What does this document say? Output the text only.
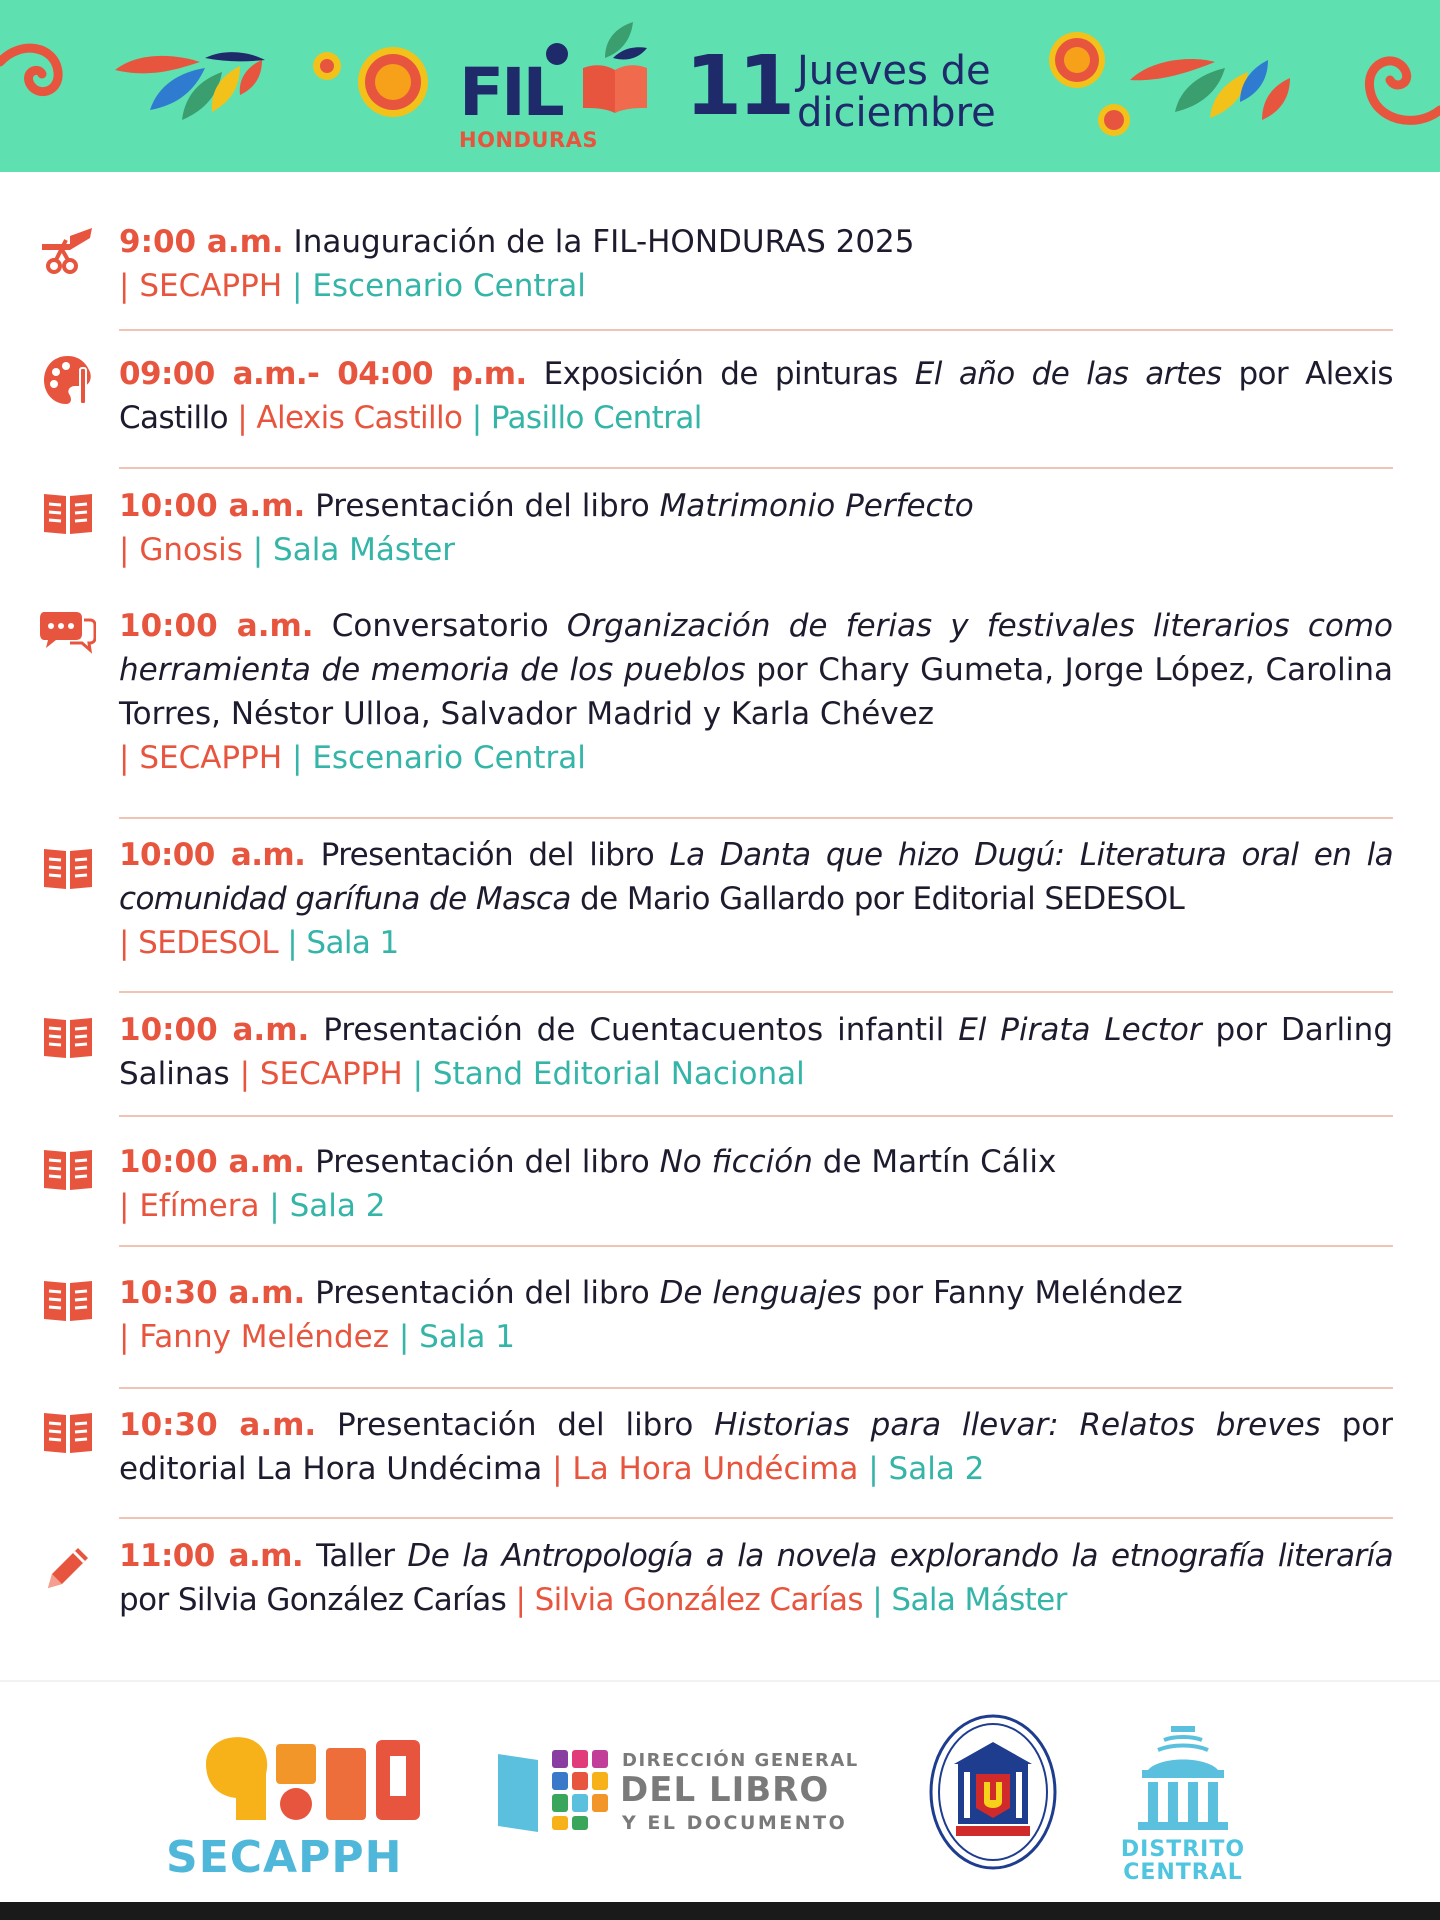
FIL
HONDURAS
11 Jueves de diciembre
9:00 a.m. Inauguración de la FIL-HONDURAS 2025
| SECAPPH | Escenario Central
09:00 a.m.- 04:00 p.m. Exposición de pinturas El año de las artes por Alexis Castillo | Alexis Castillo | Pasillo Central
10:00 a.m. Presentación del libro Matrimonio Perfecto
| Gnosis | Sala Máster
10:00 a.m. Conversatorio Organización de ferias y festivales literarios como herramienta de memoria de los pueblos por Chary Gumeta, Jorge López, Carolina Torres, Néstor Ulloa, Salvador Madrid y Karla Chévez
| SECAPPH | Escenario Central
10:00 a.m. Presentación del libro La Danta que hizo Dugú: Literatura oral en la comunidad garífuna de Masca de Mario Gallardo por Editorial SEDESOL
| SEDESOL | Sala 1
10:00 a.m. Presentación de Cuentacuentos infantil El Pirata Lector por Darling Salinas | SECAPPH | Stand Editorial Nacional
10:00 a.m. Presentación del libro No ficción de Martín Cálix
| Efímera | Sala 2
10:30 a.m. Presentación del libro De lenguajes por Fanny Meléndez
| Fanny Meléndez | Sala 1
10:30 a.m. Presentación del libro Historias para llevar: Relatos breves por editorial La Hora Undécima | La Hora Undécima | Sala 2
11:00 a.m. Taller De la Antropología a la novela explorando la etnografía literaría por Silvia González Carías | Silvia González Carías | Sala Máster
SECAPPH
DIRECCIÓN GENERAL
DEL LIBRO
Y EL DOCUMENTO
DISTRITO
CENTRAL
